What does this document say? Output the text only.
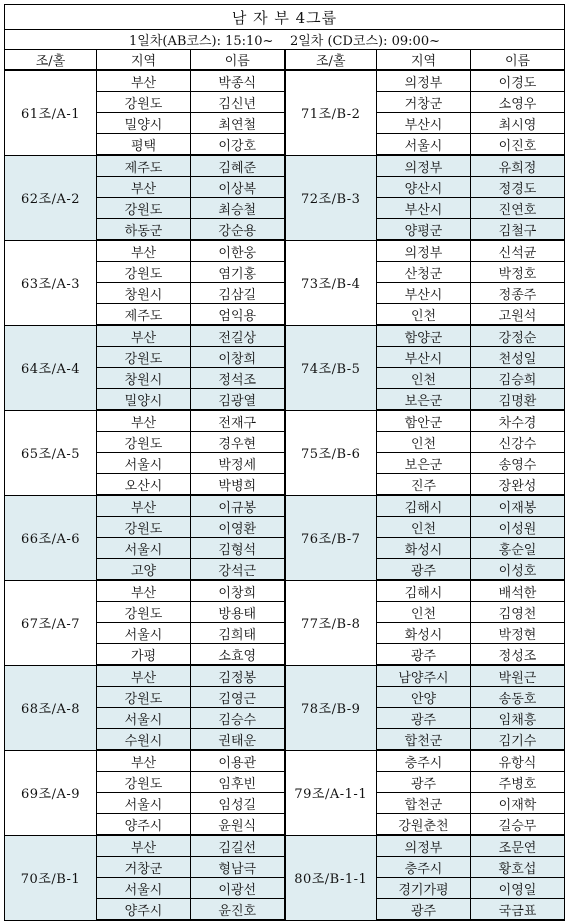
남 자 부 4그룹					
1일차(AB코스): 15:10~    2일차 (CD코스): 09:00~					
조/홀	지역	이름	조/홀	지역	이름
61조/A-1	부산	박종식	71조/B-2	의정부	이경도
	강원도	김신년		거창군	소영우
	밀양시	최연철		부산시	최시영
	평택	이강호		서울시	이진호
62조/A-2	제주도	김혜준	72조/B-3	의정부	유희정
	부산	이상복		양산시	정경도
	강원도	최승철		부산시	진연호
	하동군	강순용		양평군	김철구
63조/A-3	부산	이한웅	73조/B-4	의정부	신석균
	강원도	염기홍		산청군	박정호
	창원시	김삼길		부산시	정종주
	제주도	엄익용		인천	고원석
64조/A-4	부산	전길상	74조/B-5	함양군	강정순
	강원도	이창희		부산시	천성일
	창원시	정석조		인천	김승희
	밀양시	김광열		보은군	김명환
65조/A-5	부산	전재구	75조/B-6	함안군	차수경
	강원도	경우현		인천	신강수
	서울시	박정세		보은군	송영수
	오산시	박병희		진주	장완성
66조/A-6	부산	이규봉	76조/B-7	김해시	이재봉
	강원도	이영환		인천	이성원
	서울시	김형석		화성시	홍순일
	고양	강석근		광주	이성호
67조/A-7	부산	이창희	77조/B-8	김해시	배석한
	강원도	방용태		인천	김영천
	서울시	김희태		화성시	박정현
	가평	소효영		광주	정성조
68조/A-8	부산	김정봉	78조/B-9	남양주시	박원근
	강원도	김영근		안양	송동호
	서울시	김승수		광주	임채흥
	수원시	권태운		합천군	김기수
69조/A-9	부산	이용관	79조/A-1-1	충주시	유항식
	강원도	임후빈		광주	주병호
	서울시	임성길		합천군	이재학
	양주시	윤원식		강원춘천	길승무
70조/B-1	부산	김길선	80조/B-1-1	의정부	조문연
	거창군	형남극		충주시	황호섭
	서울시	이광선		경기가평	이영일
	양주시	윤진호		광주	국금표
